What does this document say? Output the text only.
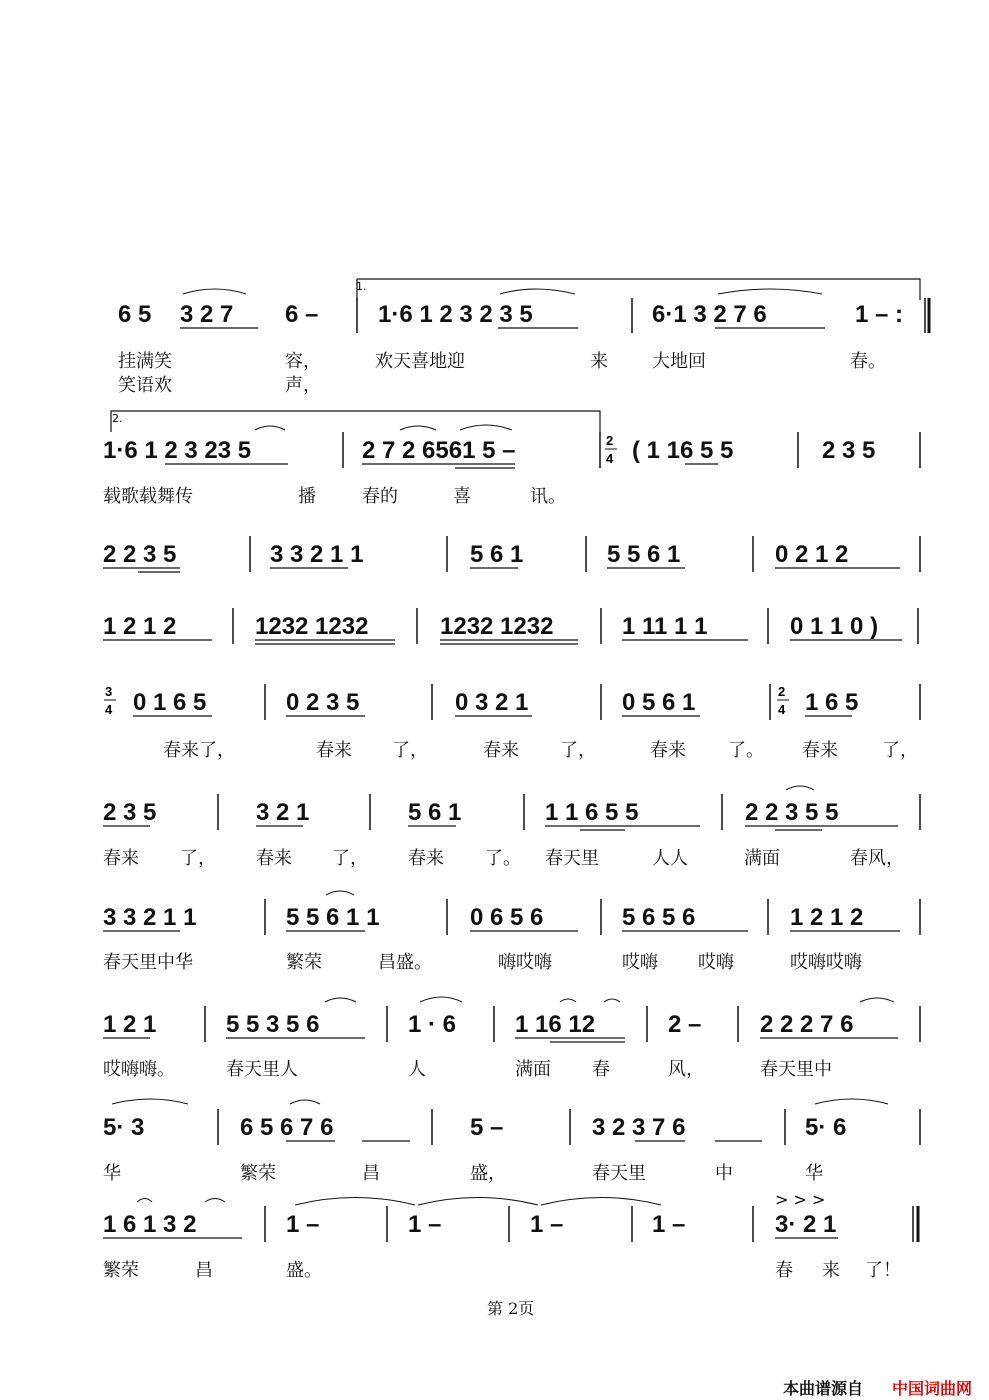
1.
6 5 3 2 7 6 – 1·6 1 2 3 2 3 5	6·1 3 2 7 6	1 – :
挂满笑	容，	欢天喜地迎	来 大地回	春。
笑语欢	声，
2.
1·6 1 2 3 23 5	2 7 2 6561 5 –	2
4 ( 1 16 5 5	2 3 5
载歌载舞传	播	春的	喜	讯。
2 2 3 5	3 3 2 1 1	5 6 1	5 5 6 1	0 2 1 2
1 2 1 2	1232 1232	1232 1232	1 11 1 1	0 1 1 0 )
3
4 0 1 6 5	0 2 3 5	0 3 2 1	0 5 6 1	2
4 1 6 5
春来了，	春来 了，	春来 了，	春来 了。 春来 了，
2 3 5	3 2 1	5 6 1	1 1 6 5 5	2 2 3 5 5
春来 了， 春来 了， 春来 了。 春天里	人人	满面	春风，
3 3 2 1 1	5 5 6 1 1	0 6 5 6	5 6 5 6	1 2 1 2
春天里中华	繁荣	昌盛。	嗨哎嗨	哎嗨 哎嗨	哎嗨哎嗨
1 2 1	5 5 3 5 6	1 · 6 1 16 12	2 – 2 2 2 7 6
哎嗨嗨。	春天里人	人	满面 春	风，	春天里中
5· 3	6 5 6 7 6	5 –	3 2 3 7 6	5· 6
华	繁荣	昌	盛，	春天里	中	华
1 6 1 3 2	1 –	1 –	1 –	1 –
> > >
3· 2 1
繁荣	昌	盛。	春 来 了！
第 2页
本曲谱源自 中国词曲网
